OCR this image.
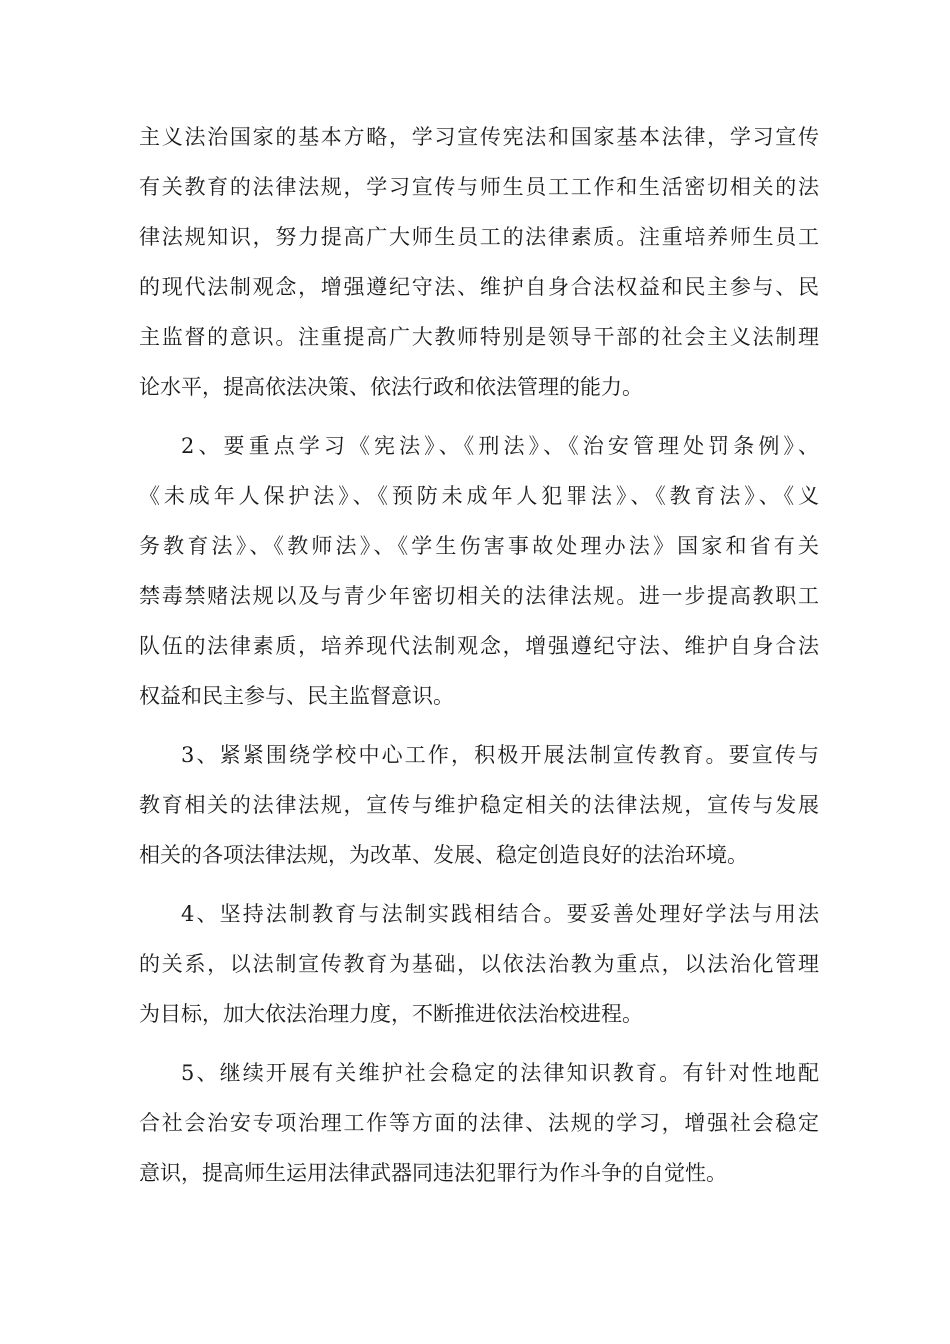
主义法治国家的基本方略，学习宣传宪法和国家基本法律，学习宣传
有关教育的法律法规，学习宣传与师生员工工作和生活密切相关的法
律法规知识，努力提高广大师生员工的法律素质。注重培养师生员工
的现代法制观念，增强遵纪守法、维护自身合法权益和民主参与、民
主监督的意识。注重提高广大教师特别是领导干部的社会主义法制理
论水平，提高依法决策、依法行政和依法管理的能力。
2、要重点学习《宪法》、《刑法》、《治安管理处罚条例》、
《未成年人保护法》、《预防未成年人犯罪法》、《教育法》、《义
务教育法》、《教师法》、《学生伤害事故处理办法》国家和省有关
禁毒禁赌法规以及与青少年密切相关的法律法规。进一步提高教职工
队伍的法律素质，培养现代法制观念，增强遵纪守法、维护自身合法
权益和民主参与、民主监督意识。
3、紧紧围绕学校中心工作，积极开展法制宣传教育。要宣传与
教育相关的法律法规，宣传与维护稳定相关的法律法规，宣传与发展
相关的各项法律法规，为改革、发展、稳定创造良好的法治环境。
4、坚持法制教育与法制实践相结合。要妥善处理好学法与用法
的关系，以法制宣传教育为基础，以依法治教为重点，以法治化管理
为目标，加大依法治理力度，不断推进依法治校进程。
5、继续开展有关维护社会稳定的法律知识教育。有针对性地配
合社会治安专项治理工作等方面的法律、法规的学习，增强社会稳定
意识，提高师生运用法律武器同违法犯罪行为作斗争的自觉性。
